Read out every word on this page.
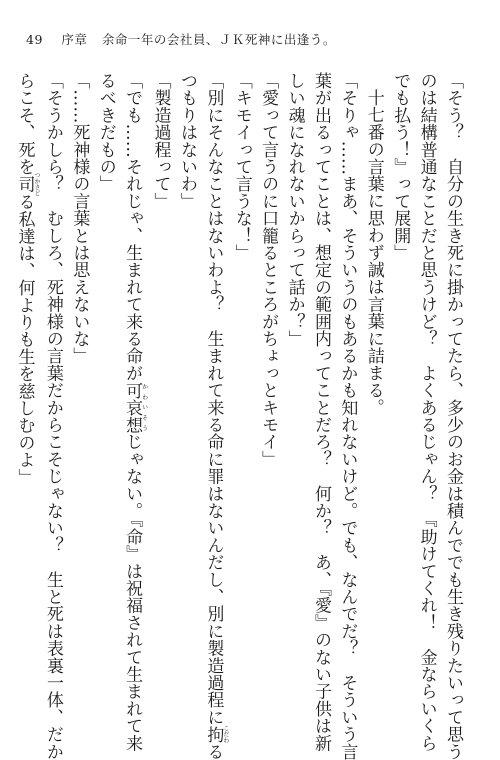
49 序章 余命一年の会社員、ＪＫ死神に出逢う。
「そう？　自分の生き死に掛かってたら、多少のお金は積んででも生き残りたいって思う
のは結構普通なことだと思うけど？　よくあるじゃん？　『助けてくれ！　金ならいくら
でも払う！』って展開」
十七番の言葉に思わず誠は言葉に詰まる。
「そりゃ……まあ、そういうのもあるかも知れないけど。でも、なんでだ？　そういう言
葉が出るってことは、想定の範囲内ってことだろ？　何か？　あ、『愛』のない子供は新
しい魂になれないからって話か？」
「愛って言うのに口籠るところがちょっとキモイ」
「キモイって言うな！」
「別にそんなことはないわよ？　生まれて来る命に罪はないんだし、別に製造過程に拘こだわる
つもりはないわ」
「製造過程って」
「でも……それじゃ、生まれて来る命が可哀想かわいそうじゃない。『命』は祝福されて生まれて来
るべきだもの」
「……死神様の言葉とは思えないな」
「そうかしら？　むしろ、死神様の言葉だからこそじゃない？　生と死は表裏一体、だか
らこそ、死を司つかさどる私達は、何よりも生を慈しむのよ」
